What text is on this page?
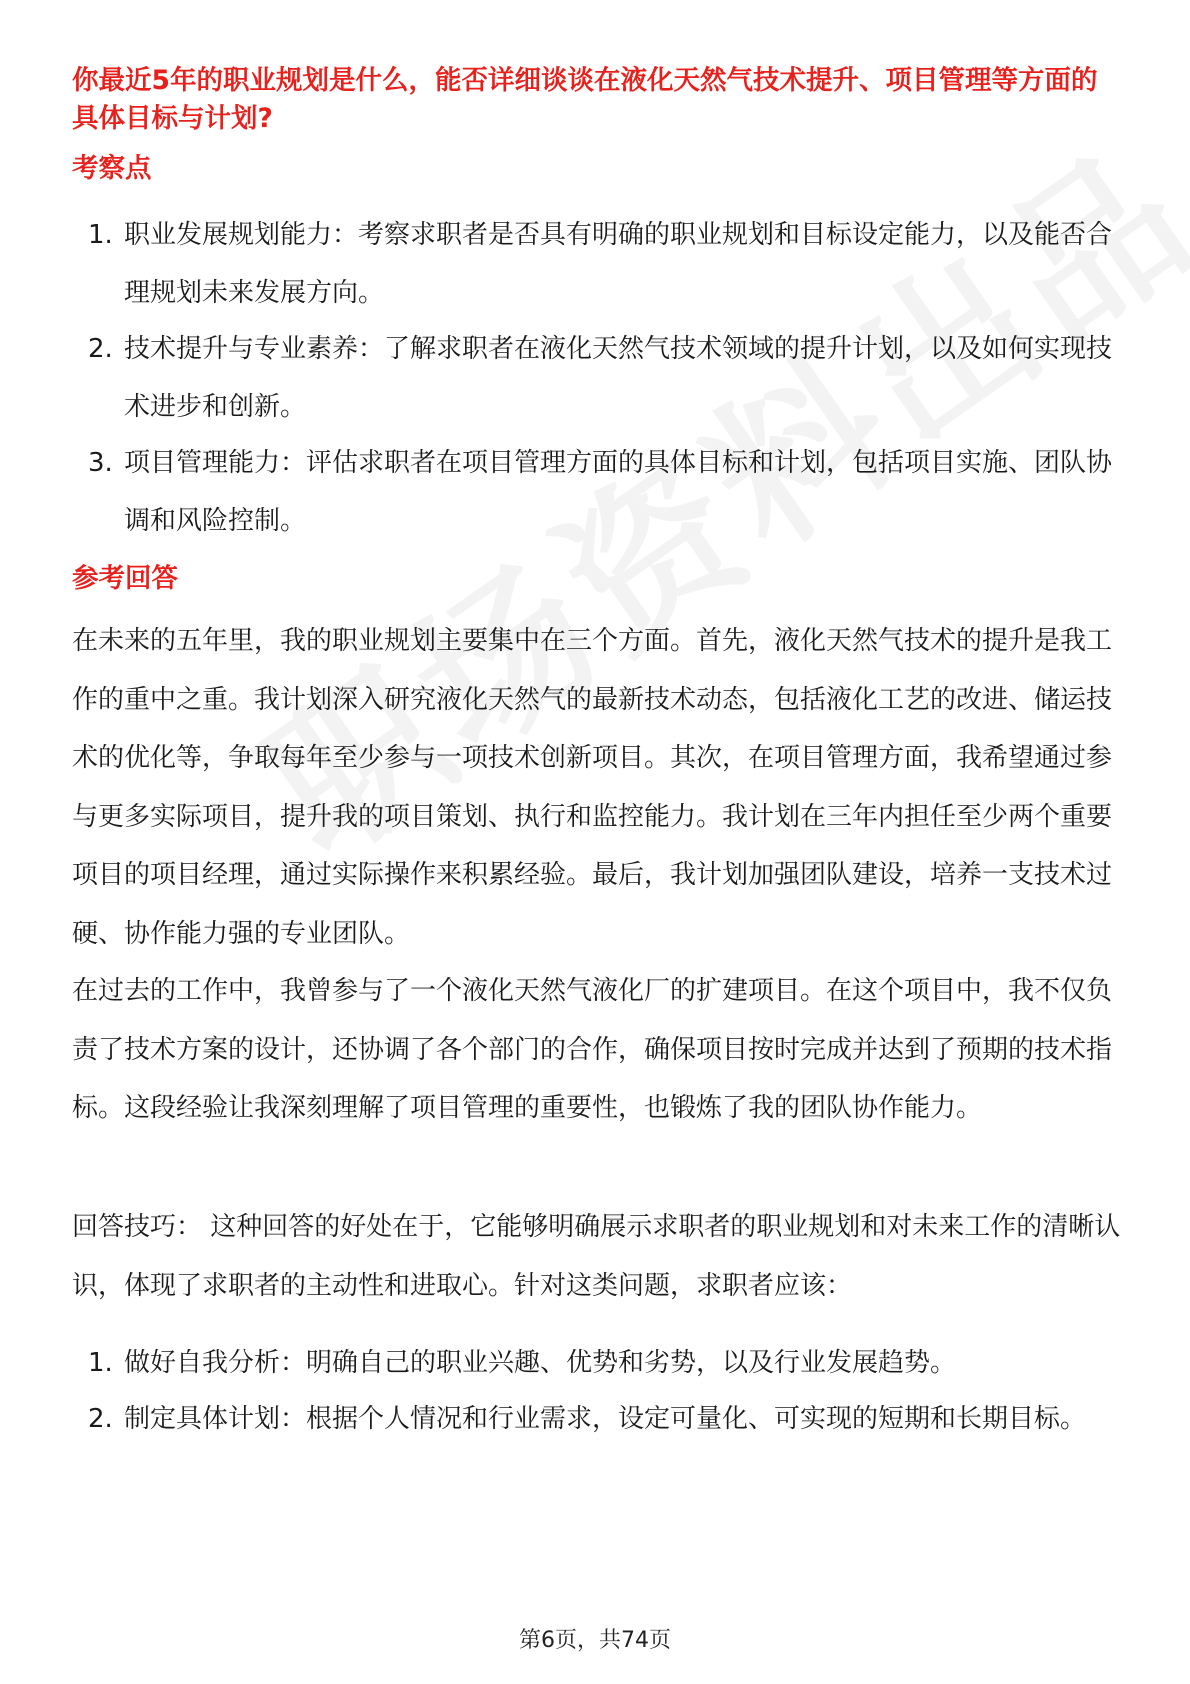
你最近5年的职业规划是什么，能否详细谈谈在液化天然气技术提升、项目管理等方面的具体目标与计划?
考察点
1. 职业发展规划能力：考察求职者是否具有明确的职业规划和目标设定能力，以及能否合理规划未来发展方向。
2. 技术提升与专业素养：了解求职者在液化天然气技术领域的提升计划，以及如何实现技术进步和创新。
3. 项目管理能力：评估求职者在项目管理方面的具体目标和计划，包括项目实施、团队协调和风险控制。
参考回答

在未来的五年里，我的职业规划主要集中在三个方面。首先，液化天然气技术的提升是我工作的重中之重。我计划深入研究液化天然气的最新技术动态，包括液化工艺的改进、储运技术的优化等，争取每年至少参与一项技术创新项目。其次，在项目管理方面，我希望通过参与更多实际项目，提升我的项目策划、执行和监控能力。我计划在三年内担任至少两个重要项目的项目经理，通过实际操作来积累经验。最后，我计划加强团队建设，培养一支技术过硬、协作能力强的专业团队。

在过去的工作中，我曾参与了一个液化天然气液化厂的扩建项目。在这个项目中，我不仅负责了技术方案的设计，还协调了各个部门的合作，确保项目按时完成并达到了预期的技术指标。这段经验让我深刻理解了项目管理的重要性，也锻炼了我的团队协作能力。

回答技巧： 这种回答的好处在于，它能够明确展示求职者的职业规划和对未来工作的清晰认识，体现了求职者的主动性和进取心。针对这类问题，求职者应该：

1. 做好自我分析：明确自己的职业兴趣、优势和劣势，以及行业发展趋势。
2. 制定具体计划：根据个人情况和行业需求，设定可量化、可实现的短期和长期目标。
第6页，共74页
